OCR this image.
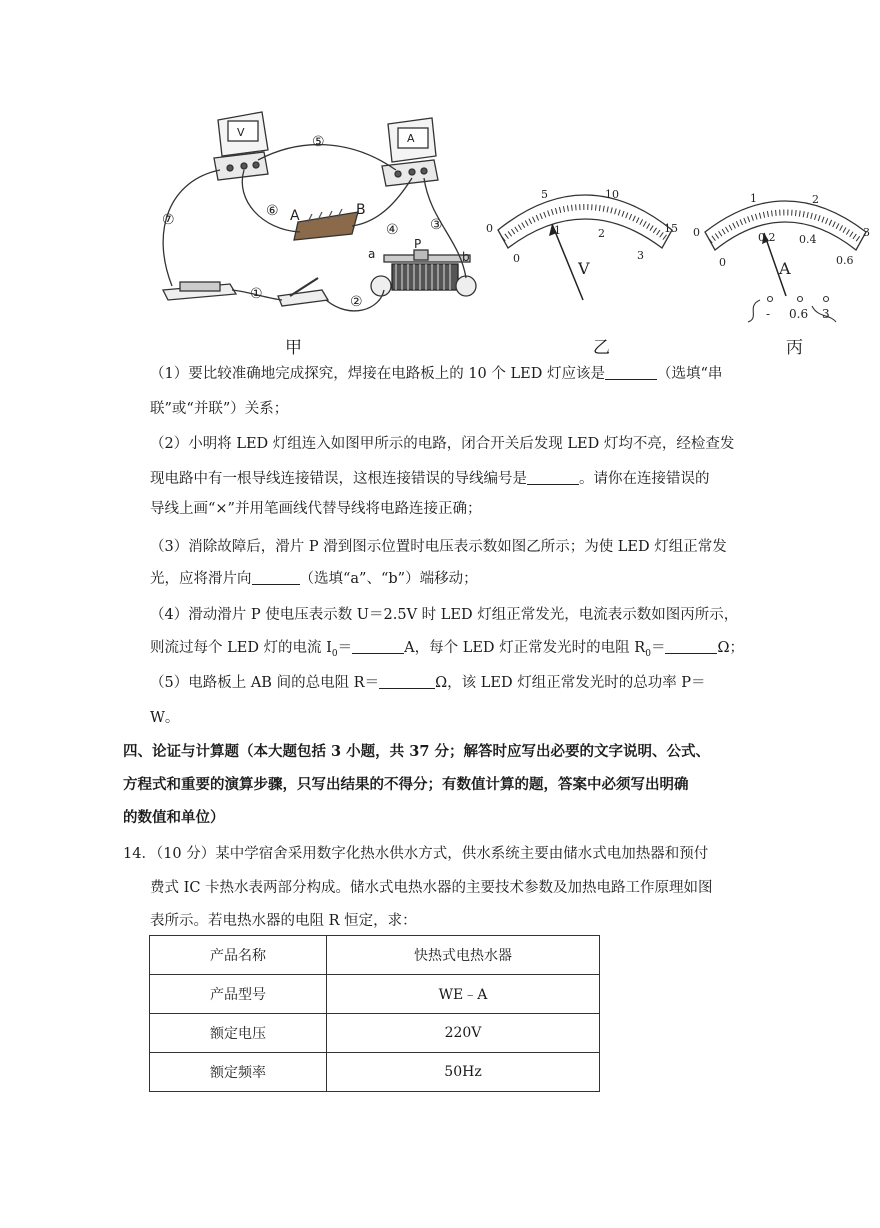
⑤
⑦
⑥
④ ③
①	②
A	B
a	b
P
V	A
0
5	10
15
0
1	2
3
V
0
1	2
3
0
0.2 0.4
0.6
A
- 0.6 3
甲	乙	丙
（1）要比较准确地完成探究，焊接在电路板上的 10 个 LED 灯应该是	（选填“串
联”或“并联”）关系；
（2）小明将 LED 灯组连入如图甲所示的电路，闭合开关后发现 LED 灯均不亮，经检查发
现电路中有一根导线连接错误，这根连接错误的导线编号是	。请你在连接错误的
导线上画“×”并用笔画线代替导线将电路连接正确；
（3）消除故障后，滑片 P 滑到图示位置时电压表示数如图乙所示；为使 LED 灯组正常发
光，应将滑片向	（选填“a”、“b”）端移动；
（4）滑动滑片 P 使电压表示数 U＝2.5V 时 LED 灯组正常发光，电流表示数如图丙所示，
则流过每个 LED 灯的电流 $I_0=$	A，每个 LED 灯正常发光时的电阻 $R_0=$	Ω；
（5）电路板上 AB 间的总电阻 R＝	Ω，该 LED 灯组正常发光时的总功率 P＝
W。
四、论证与计算题（本大题包括 3 小题，共 37 分；解答时应写出必要的文字说明、公式、
方程式和重要的演算步骤，只写出结果的不得分；有数值计算的题，答案中必须写出明确
的数值和单位）
14．（10 分）某中学宿舍采用数字化热水供水方式，供水系统主要由储水式电加热器和预付
费式 IC 卡热水表两部分构成。储水式电热水器的主要技术参数及加热电路工作原理如图
表所示。若电热水器的电阻 R 恒定，求：
产品名称	快热式电热水器
产品型号	WE﹣A
额定电压	220V
额定频率	50Hz
